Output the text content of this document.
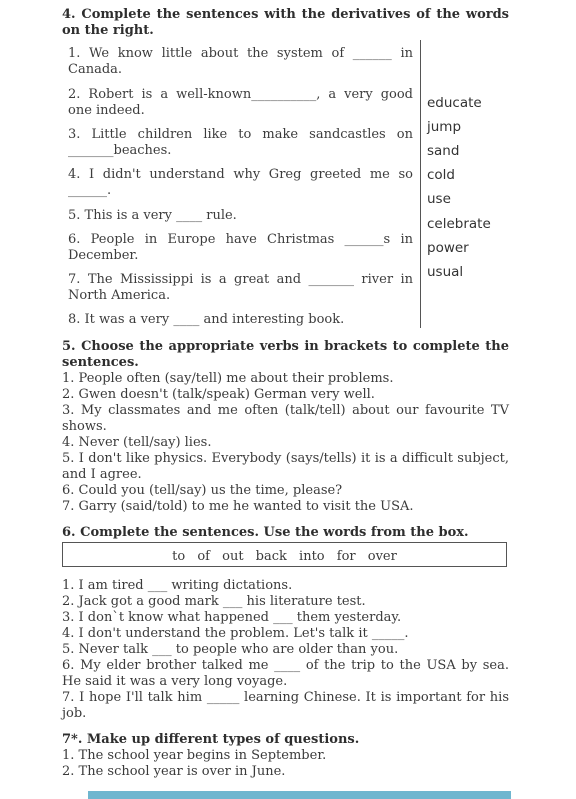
4. Complete the sentences with the derivatives of the words on the right.
1. We know little about the system of ______ in Canada.
2. Robert is a well-known__________, a very good one indeed.
3. Little children like to make sandcastles on _______beaches.
4. I didn't understand why Greg greeted me so ______.
5. This is a very ____ rule.
6. People in Europe have Christmas ______s in December.
7. The Mississippi is a great and _______ river in North America.
8. It was a very ____ and interesting book.
educate
jump
sand
cold
use
celebrate
power
usual
5. Choose the appropriate verbs in brackets to complete the sentences.
1. People often (say/tell) me about their problems.
2. Gwen doesn't (talk/speak) German very well.
3. My classmates and me often (talk/tell) about our favourite TV shows.
4. Never (tell/say) lies.
5. I don't like physics. Everybody (says/tells) it is a difficult subject, and I agree.
6. Could you (tell/say) us the time, please?
7. Garry (said/told) to me he wanted to visit the USA.
6. Complete the sentences. Use the words from the box.
to of out back into for over
1. I am tired ___ writing dictations.
2. Jack got a good mark ___ his literature test.
3. I don`t know what happened ___ them yesterday.
4. I don't understand the problem. Let's talk it _____.
5. Never talk ___ to people who are older than you.
6. My elder brother talked me ____ of the trip to the USA by sea. He said it was a very long voyage.
7. I hope I'll talk him _____ learning Chinese. It is important for his job.
7*. Make up different types of questions.
1. The school year begins in September.
2. The school year is over in June.
